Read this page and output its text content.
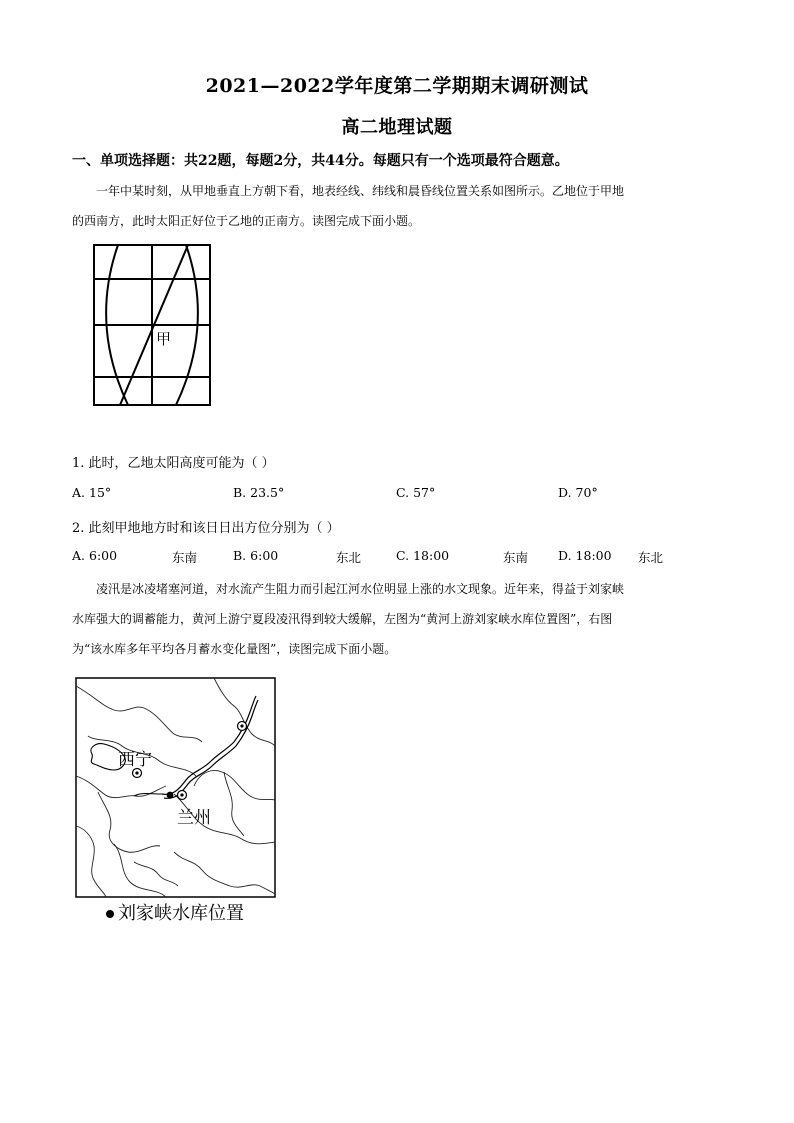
2021—2022学年度第二学期期末调研测试
高二地理试题
一、单项选择题：共22题，每题2分，共44分。每题只有一个选项最符合题意。
一年中某时刻，从甲地垂直上方朝下看，地表经线、纬线和晨昏线位置关系如图所示。乙地位于甲地
的西南方，此时太阳正好位于乙地的正南方。读图完成下面小题。
甲
1. 此时，乙地太阳高度可能为（ ）
A. 15°	B. 23.5°	C. 57°	D. 70°
2. 此刻甲地地方时和该日日出方位分别为（ ）
A. 6:00	东南	B. 6:00	东北	C. 18:00	东南 D. 18:00 东北
凌汛是冰凌堵塞河道，对水流产生阻力而引起江河水位明显上涨的水文现象。近年来，得益于刘家峡
水库强大的调蓄能力，黄河上游宁夏段凌汛得到较大缓解，左图为“黄河上游刘家峡水库位置图”，右图
为“该水库多年平均各月蓄水变化量图”，读图完成下面小题。
西宁
兰州
刘家峡水库位置
